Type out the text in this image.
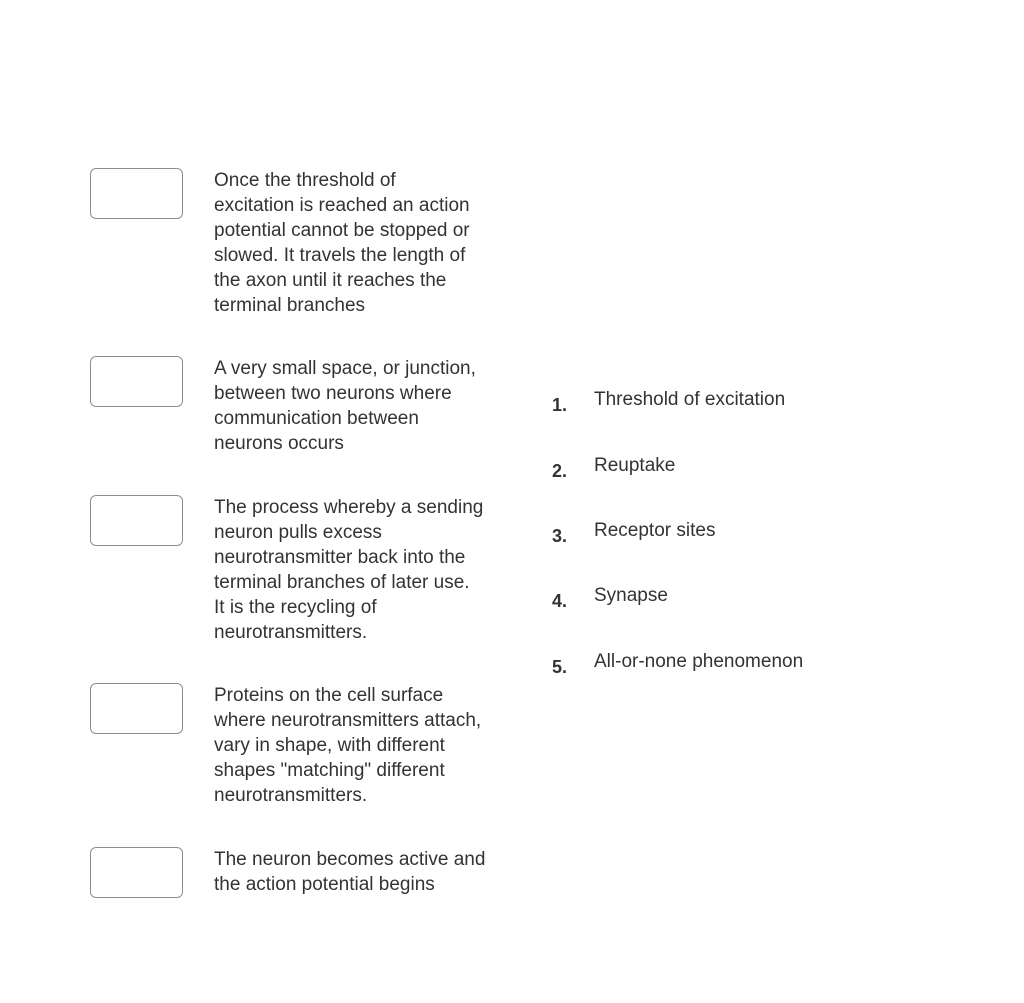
Once the threshold of
excitation is reached an action
potential cannot be stopped or
slowed. It travels the length of
the axon until it reaches the
terminal branches
A very small space, or junction,
between two neurons where
communication between
neurons occurs
The process whereby a sending
neuron pulls excess
neurotransmitter back into the
terminal branches of later use.
It is the recycling of
neurotransmitters.
Proteins on the cell surface
where neurotransmitters attach,
vary in shape, with different
shapes "matching" different
neurotransmitters.
The neuron becomes active and
the action potential begins
1.	Threshold of excitation
2.	Reuptake
3.	Receptor sites
4.	Synapse
5.	All-or-none phenomenon
